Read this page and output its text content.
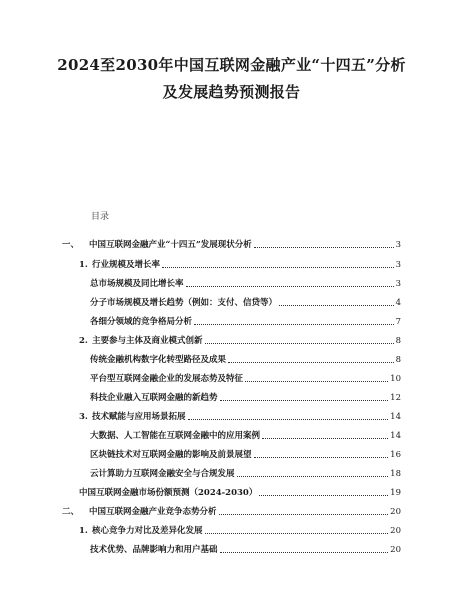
2024至2030年中国互联网金融产业“十四五”分析
及发展趋势预测报告
目录
一、	中国互联网金融产业“十四五”发展现状分析	3
1. 行业规模及增长率	3
总市场规模及同比增长率	3
分子市场规模及增长趋势（例如：支付、信贷等）	4
各细分领域的竞争格局分析	7
2. 主要参与主体及商业模式创新	8
传统金融机构数字化转型路径及成果	8
平台型互联网金融企业的发展态势及特征	10
科技企业融入互联网金融的新趋势	12
3. 技术赋能与应用场景拓展	14
大数据、人工智能在互联网金融中的应用案例	14
区块链技术对互联网金融的影响及前景展望	16
云计算助力互联网金融安全与合规发展	18
中国互联网金融市场份额预测（2024-2030）	19
二、	中国互联网金融产业竞争态势分析	20
1. 核心竞争力对比及差异化发展	20
技术优势、品牌影响力和用户基础	20
